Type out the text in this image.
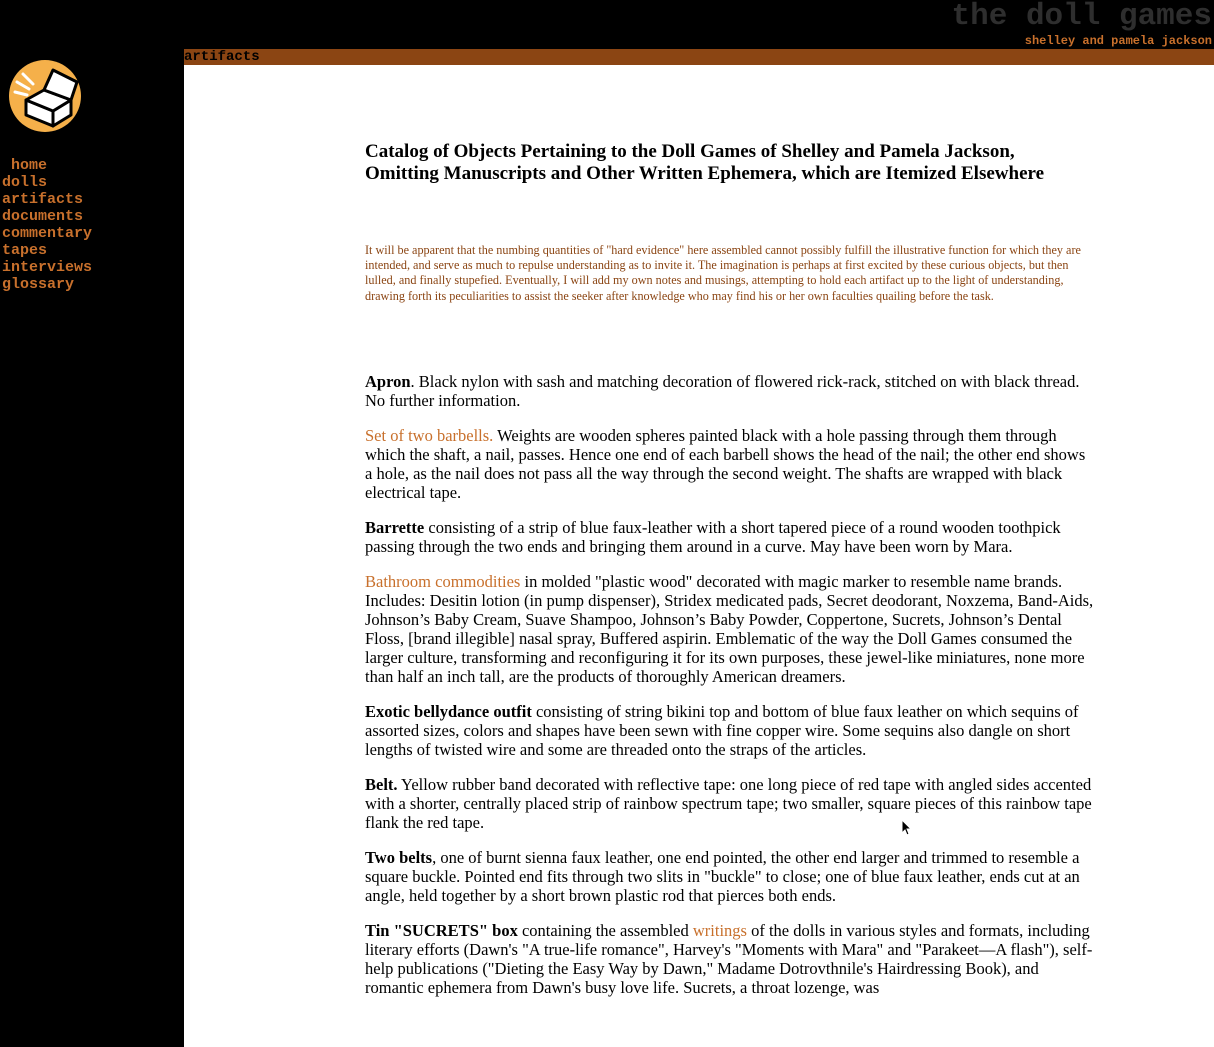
the doll games
shelley and pamela jackson
artifacts
home
dolls
artifacts
documents
commentary
tapes
interviews
glossary
Catalog of Objects Pertaining to the Doll Games of Shelley and Pamela Jackson,
Omitting Manuscripts and Other Written Ephemera, which are Itemized Elsewhere

It will be apparent that the numbing quantities of "hard evidence" here assembled cannot possibly fulfill the illustrative function for which they are intended, and serve as much to repulse understanding as to invite it. The imagination is perhaps at first excited by these curious objects, but then lulled, and finally stupefied. Eventually, I will add my own notes and musings, attempting to hold each artifact up to the light of understanding, drawing forth its peculiarities to assist the seeker after knowledge who may find his or her own faculties quailing before the task.

Apron. Black nylon with sash and matching decoration of flowered rick-rack, stitched on with black thread. No further information.

Set of two barbells. Weights are wooden spheres painted black with a hole passing through them through which the shaft, a nail, passes. Hence one end of each barbell shows the head of the nail; the other end shows a hole, as the nail does not pass all the way through the second weight. The shafts are wrapped with black electrical tape.

Barrette consisting of a strip of blue faux-leather with a short tapered piece of a round wooden toothpick passing through the two ends and bringing them around in a curve. May have been worn by Mara.

Bathroom commodities in molded "plastic wood" decorated with magic marker to resemble name brands. Includes: Desitin lotion (in pump dispenser), Stridex medicated pads, Secret deodorant, Noxzema, Band-Aids, Johnson’s Baby Cream, Suave Shampoo, Johnson’s Baby Powder, Coppertone, Sucrets, Johnson’s Dental Floss, [brand illegible] nasal spray, Buffered aspirin. Emblematic of the way the Doll Games consumed the larger culture, transforming and reconfiguring it for its own purposes, these jewel-like miniatures, none more than half an inch tall, are the products of thoroughly American dreamers.

Exotic bellydance outfit consisting of string bikini top and bottom of blue faux leather on which sequins of assorted sizes, colors and shapes have been sewn with fine copper wire. Some sequins also dangle on short lengths of twisted wire and some are threaded onto the straps of the articles.

Belt. Yellow rubber band decorated with reflective tape: one long piece of red tape with angled sides accented with a shorter, centrally placed strip of rainbow spectrum tape; two smaller, square pieces of this rainbow tape flank the red tape.

Two belts, one of burnt sienna faux leather, one end pointed, the other end larger and trimmed to resemble a square buckle. Pointed end fits through two slits in "buckle" to close; one of blue faux leather, ends cut at an angle, held together by a short brown plastic rod that pierces both ends.

Tin "SUCRETS" box containing the assembled writings of the dolls in various styles and formats, including literary efforts (Dawn's "A true-life romance", Harvey's "Moments with Mara" and "Parakeet—A flash"), self-help publications ("Dieting the Easy Way by Dawn," Madame Dotrovthnile's Hairdressing Book), and romantic ephemera from Dawn's busy love life. Sucrets, a throat lozenge, was
